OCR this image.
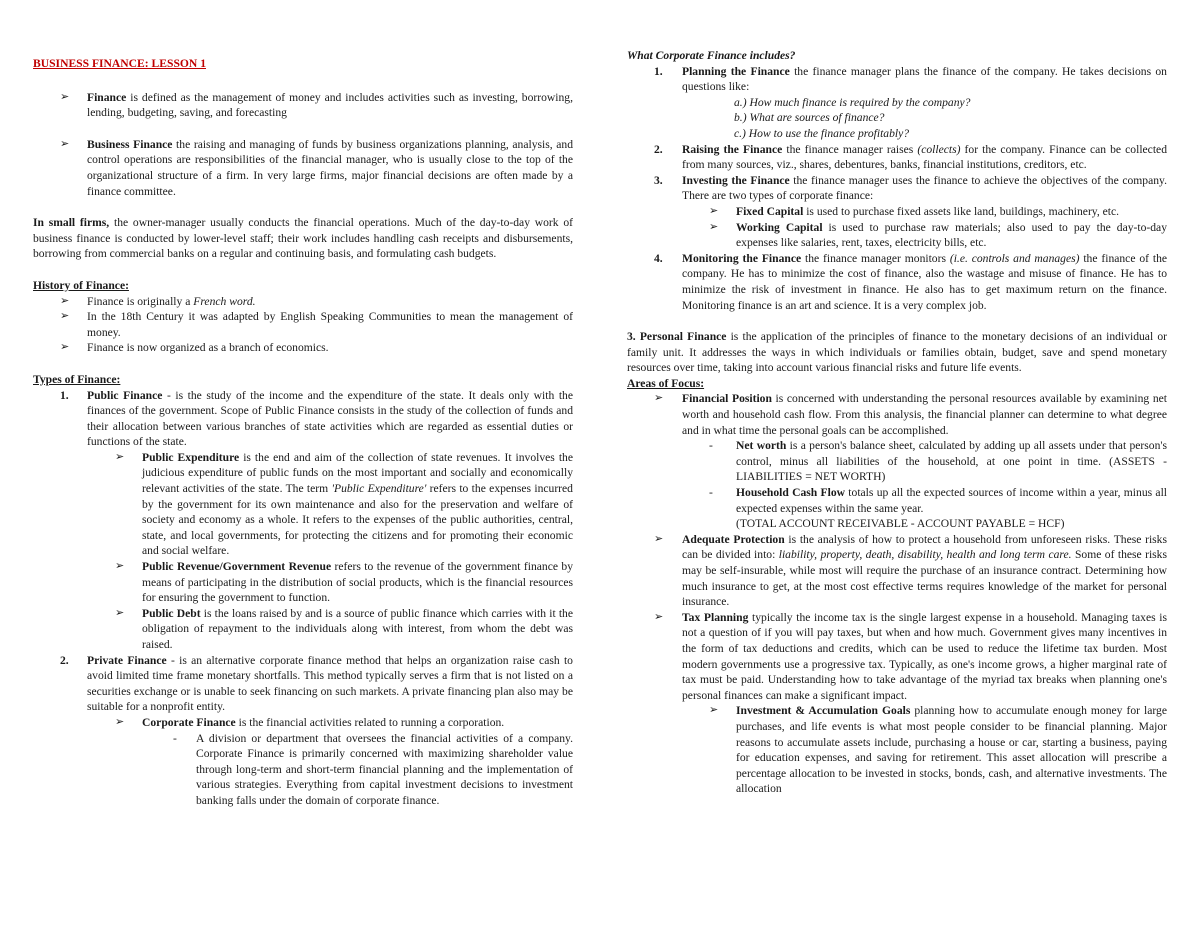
BUSINESS FINANCE: LESSON 1
➢ Finance is defined as the management of money and includes activities such as investing, borrowing, lending, budgeting, saving, and forecasting
➢ Business Finance the raising and managing of funds by business organizations planning, analysis, and control operations are responsibilities of the financial manager, who is usually close to the top of the organizational structure of a firm. In very large firms, major financial decisions are often made by a finance committee.

In small firms, the owner-manager usually conducts the financial operations. Much of the day-to-day work of business finance is conducted by lower-level staff; their work includes handling cash receipts and disbursements, borrowing from commercial banks on a regular and continuing basis, and formulating cash budgets.

History of Finance:
➢ Finance is originally a French word.
➢ In the 18th Century it was adapted by English Speaking Communities to mean the management of money.
➢ Finance is now organized as a branch of economics.
Types of Finance:
1. Public Finance - is the study of the income and the expenditure of the state. It deals only with the finances of the government. Scope of Public Finance consists in the study of the collection of funds and their allocation between various branches of state activities which are regarded as essential duties or functions of the state.
➢ Public Expenditure is the end and aim of the collection of state revenues. It involves the judicious expenditure of public funds on the most important and socially and economically relevant activities of the state. The term 'Public Expenditure' refers to the expenses incurred by the government for its own maintenance and also for the preservation and welfare of society and economy as a whole. It refers to the expenses of the public authorities, central, state, and local governments, for protecting the citizens and for promoting their economic and social welfare.
➢ Public Revenue/Government Revenue refers to the revenue of the government finance by means of participating in the distribution of social products, which is the financial resources for ensuring the government to function.
➢ Public Debt is the loans raised by and is a source of public finance which carries with it the obligation of repayment to the individuals along with interest, from whom the debt was raised.
2. Private Finance - is an alternative corporate finance method that helps an organization raise cash to avoid limited time frame monetary shortfalls. This method typically serves a firm that is not listed on a securities exchange or is unable to seek financing on such markets. A private financing plan also may be suitable for a nonprofit entity.
➢ Corporate Finance is the financial activities related to running a corporation.
- A division or department that oversees the financial activities of a company. Corporate Finance is primarily concerned with maximizing shareholder value through long-term and short-term financial planning and the implementation of various strategies. Everything from capital investment decisions to investment banking falls under the domain of corporate finance.
What Corporate Finance includes?
1. Planning the Finance the finance manager plans the finance of the company. He takes decisions on questions like:
a.) How much finance is required by the company?
b.) What are sources of finance?
c.) How to use the finance profitably?
2. Raising the Finance the finance manager raises (collects) for the company. Finance can be collected from many sources, viz., shares, debentures, banks, financial institutions, creditors, etc.
3. Investing the Finance the finance manager uses the finance to achieve the objectives of the company. There are two types of corporate finance:
➢ Fixed Capital is used to purchase fixed assets like land, buildings, machinery, etc.
➢ Working Capital is used to purchase raw materials; also used to pay the day-to-day expenses like salaries, rent, taxes, electricity bills, etc.
4. Monitoring the Finance the finance manager monitors (i.e. controls and manages) the finance of the company. He has to minimize the cost of finance, also the wastage and misuse of finance. He has to minimize the risk of investment in finance. He also has to get maximum return on the finance. Monitoring finance is an art and science. It is a very complex job.

3. Personal Finance is the application of the principles of finance to the monetary decisions of an individual or family unit. It addresses the ways in which individuals or families obtain, budget, save and spend monetary resources over time, taking into account various financial risks and future life events.

Areas of Focus:
➢ Financial Position is concerned with understanding the personal resources available by examining net worth and household cash flow. From this analysis, the financial planner can determine to what degree and in what time the personal goals can be accomplished.
- Net worth is a person's balance sheet, calculated by adding up all assets under that person's control, minus all liabilities of the household, at one point in time. (ASSETS - LIABILITIES = NET WORTH)
- Household Cash Flow totals up all the expected sources of income within a year, minus all expected expenses within the same year.
(TOTAL ACCOUNT RECEIVABLE - ACCOUNT PAYABLE = HCF)
➢ Adequate Protection is the analysis of how to protect a household from unforeseen risks. These risks can be divided into: liability, property, death, disability, health and long term care. Some of these risks may be self-insurable, while most will require the purchase of an insurance contract. Determining how much insurance to get, at the most cost effective terms requires knowledge of the market for personal insurance.
➢ Tax Planning typically the income tax is the single largest expense in a household. Managing taxes is not a question of if you will pay taxes, but when and how much. Government gives many incentives in the form of tax deductions and credits, which can be used to reduce the lifetime tax burden. Most modern governments use a progressive tax. Typically, as one's income grows, a higher marginal rate of tax must be paid. Understanding how to take advantage of the myriad tax breaks when planning one's personal finances can make a significant impact.
➢ Investment & Accumulation Goals planning how to accumulate enough money for large purchases, and life events is what most people consider to be financial planning. Major reasons to accumulate assets include, purchasing a house or car, starting a business, paying for education expenses, and saving for retirement. This asset allocation will prescribe a percentage allocation to be invested in stocks, bonds, cash, and alternative investments. The allocation
